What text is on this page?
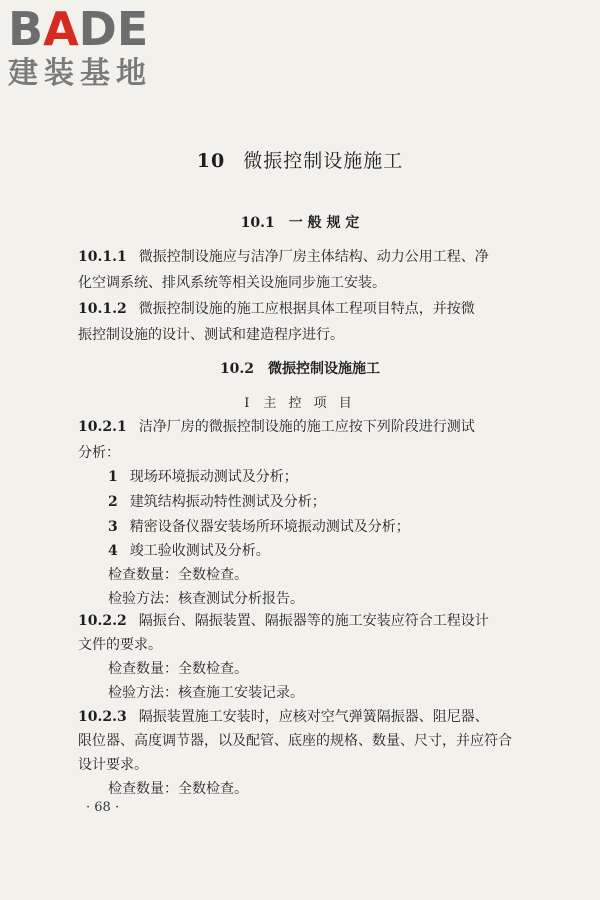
BADE
建装基地
10 微振控制设施施工
10.1 一 般 规 定
10.1.1 微振控制设施应与洁净厂房主体结构、动力公用工程、净
化空调系统、排风系统等相关设施同步施工安装。
10.1.2 微振控制设施的施工应根据具体工程项目特点，并按微
振控制设施的设计、测试和建造程序进行。
10.2 微振控制设施施工
Ⅰ 主 控 项 目
10.2.1 洁净厂房的微振控制设施的施工应按下列阶段进行测试
分析：
1 现场环境振动测试及分析；
2 建筑结构振动特性测试及分析；
3 精密设备仪器安装场所环境振动测试及分析；
4 竣工验收测试及分析。
检查数量：全数检查。
检验方法：核查测试分析报告。
10.2.2 隔振台、隔振装置、隔振器等的施工安装应符合工程设计
文件的要求。
检查数量：全数检查。
检验方法：核查施工安装记录。
10.2.3 隔振装置施工安装时，应核对空气弹簧隔振器、阻尼器、
限位器、高度调节器，以及配管、底座的规格、数量、尺寸，并应符合
设计要求。
检查数量：全数检查。
· 68 ·
